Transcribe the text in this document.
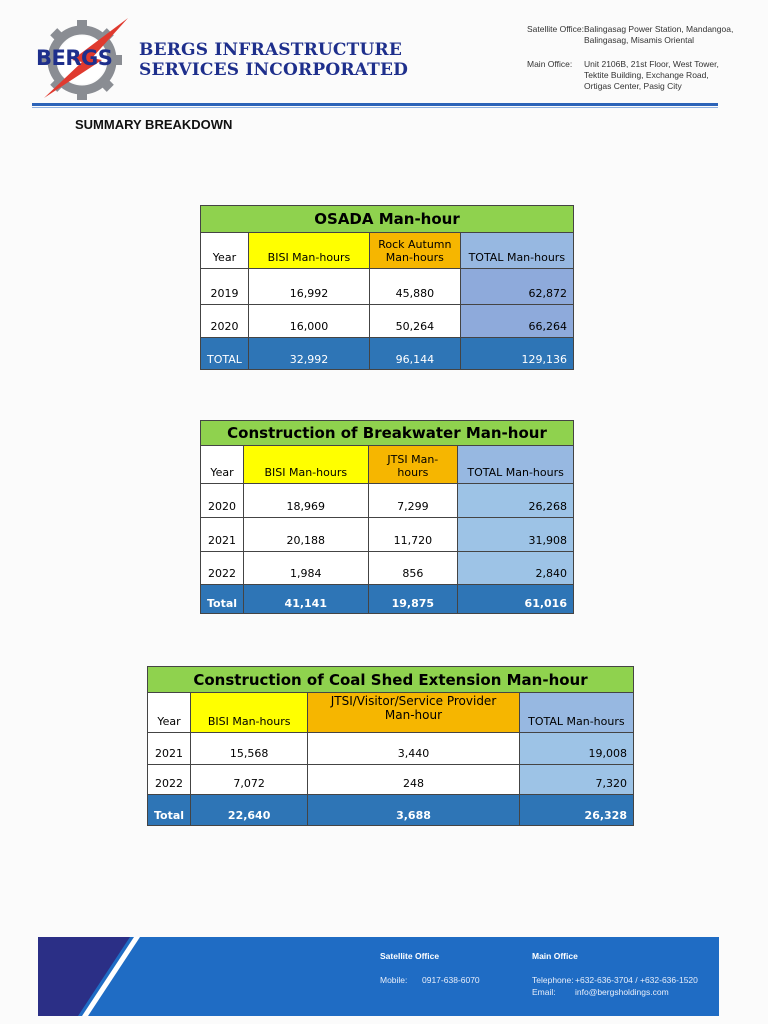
BERGS BERGS INFRASTRUCTURE
SERVICES INCORPORATED
Satellite Office: Balingasag Power Station, Mandangoa,
Balingasag, Misamis Oriental
Main Office: Unit 2106B, 21st Floor, West Tower,
Tektite Building, Exchange Road,
Ortigas Center, Pasig City
SUMMARY BREAKDOWN
OSADA Man-hour			
Year	BISI Man-hours	Rock Autumn Man-hours	TOTAL Man-hours
2019	16,992	45,880	62,872
2020	16,000	50,264	66,264
TOTAL	32,992	96,144	129,136
Construction of Breakwater Man-hour			
Year	BISI Man-hours	JTSI Man-hours	TOTAL Man-hours
2020	18,969	7,299	26,268
2021	20,188	11,720	31,908
2022	1,984	856	2,840
Total	41,141	19,875	61,016
Construction of Coal Shed Extension Man-hour			
Year	BISI Man-hours	JTSI/Visitor/Service Provider Man-hour	TOTAL Man-hours
2021	15,568	3,440	19,008
2022	7,072	248	7,320
Total	22,640	3,688	26,328
Satellite Office
Mobile: 0917-638-6070
Main Office
Telephone: +632-636-3704 / +632-636-1520
Email: info@bergsholdings.com
